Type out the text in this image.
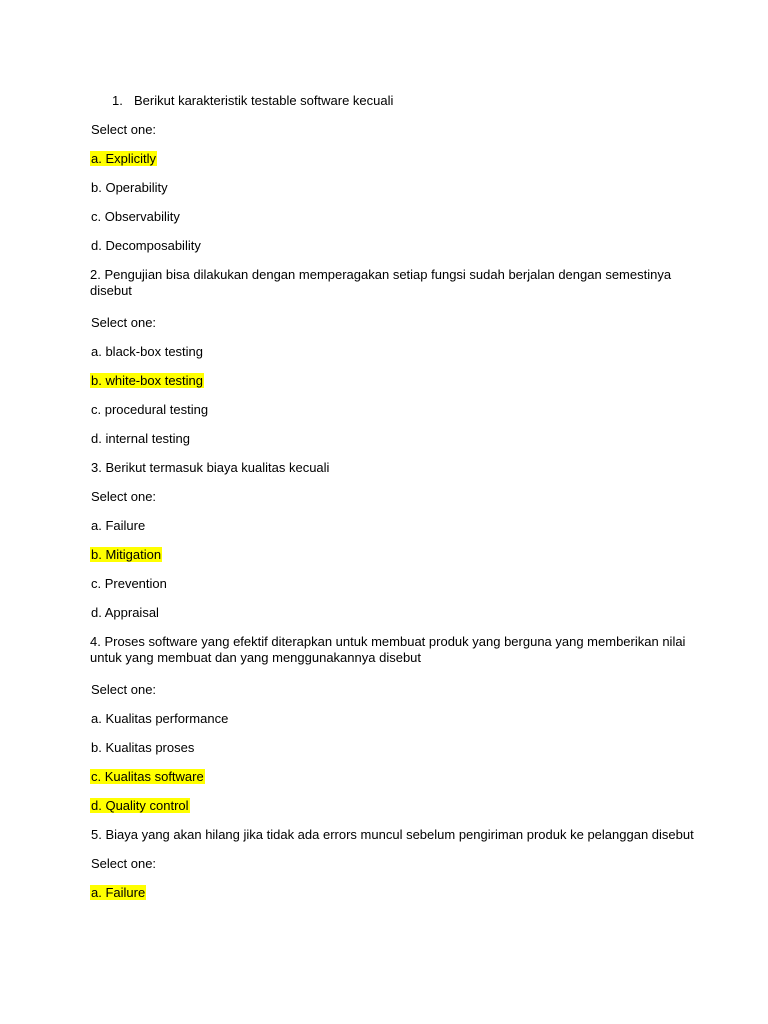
1. Berikut karakteristik testable software kecuali
Select one:
a. Explicitly
b. Operability
c. Observability
d. Decomposability
2. Pengujian bisa dilakukan dengan memperagakan setiap fungsi sudah berjalan dengan semestinya
disebut
Select one:
a. black-box testing
b. white-box testing
c. procedural testing
d. internal testing
3. Berikut termasuk biaya kualitas kecuali
Select one:
a. Failure
b. Mitigation
c. Prevention
d. Appraisal
4. Proses software yang efektif diterapkan untuk membuat produk yang berguna yang memberikan nilai
untuk yang membuat dan yang menggunakannya disebut
Select one:
a. Kualitas performance
b. Kualitas proses
c. Kualitas software
d. Quality control
5. Biaya yang akan hilang jika tidak ada errors muncul sebelum pengiriman produk ke pelanggan disebut
Select one:
a. Failure
